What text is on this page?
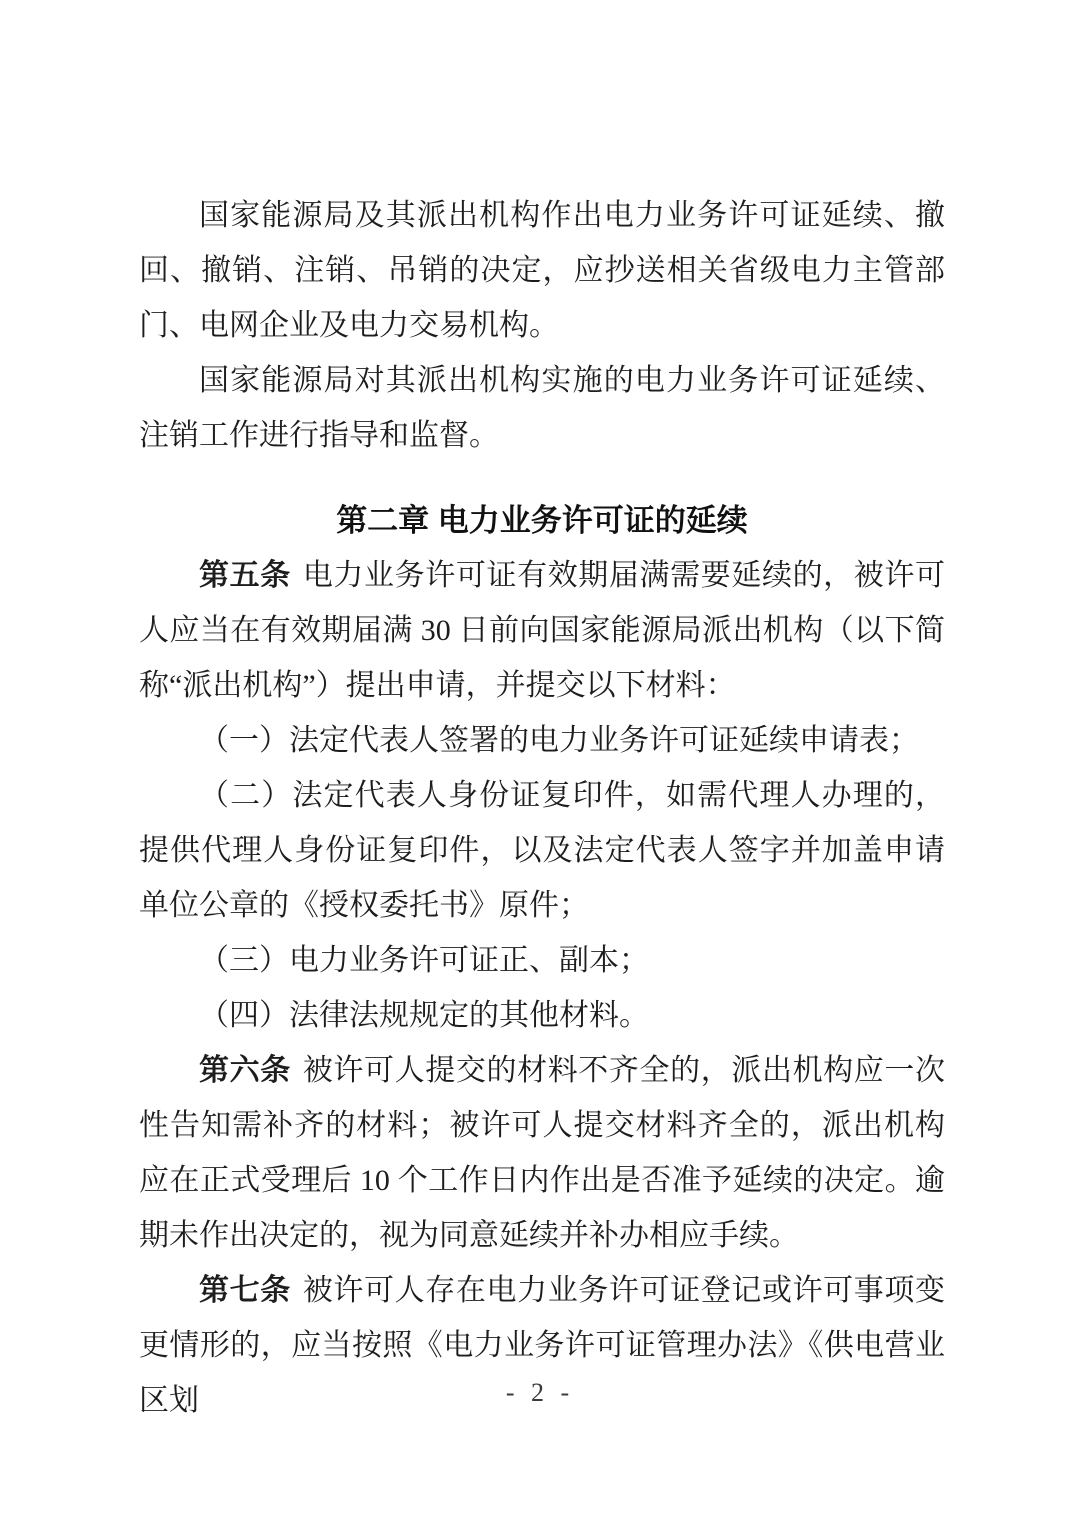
国家能源局及其派出机构作出电力业务许可证延续、撤回、撤销、注销、吊销的决定，应抄送相关省级电力主管部门、电网企业及电力交易机构。

国家能源局对其派出机构实施的电力业务许可证延续、注销工作进行指导和监督。

第二章 电力业务许可证的延续

第五条 电力业务许可证有效期届满需要延续的，被许可人应当在有效期届满 30 日前向国家能源局派出机构（以下简称“派出机构”）提出申请，并提交以下材料：

（一）法定代表人签署的电力业务许可证延续申请表；

（二）法定代表人身份证复印件，如需代理人办理的，提供代理人身份证复印件，以及法定代表人签字并加盖申请单位公章的《授权委托书》原件；

（三）电力业务许可证正、副本；

（四）法律法规规定的其他材料。

第六条 被许可人提交的材料不齐全的，派出机构应一次性告知需补齐的材料；被许可人提交材料齐全的，派出机构应在正式受理后 10 个工作日内作出是否准予延续的决定。逾期未作出决定的，视为同意延续并补办相应手续。

第七条 被许可人存在电力业务许可证登记或许可事项变更情形的，应当按照《电力业务许可证管理办法》《供电营业区划	- 2 -
